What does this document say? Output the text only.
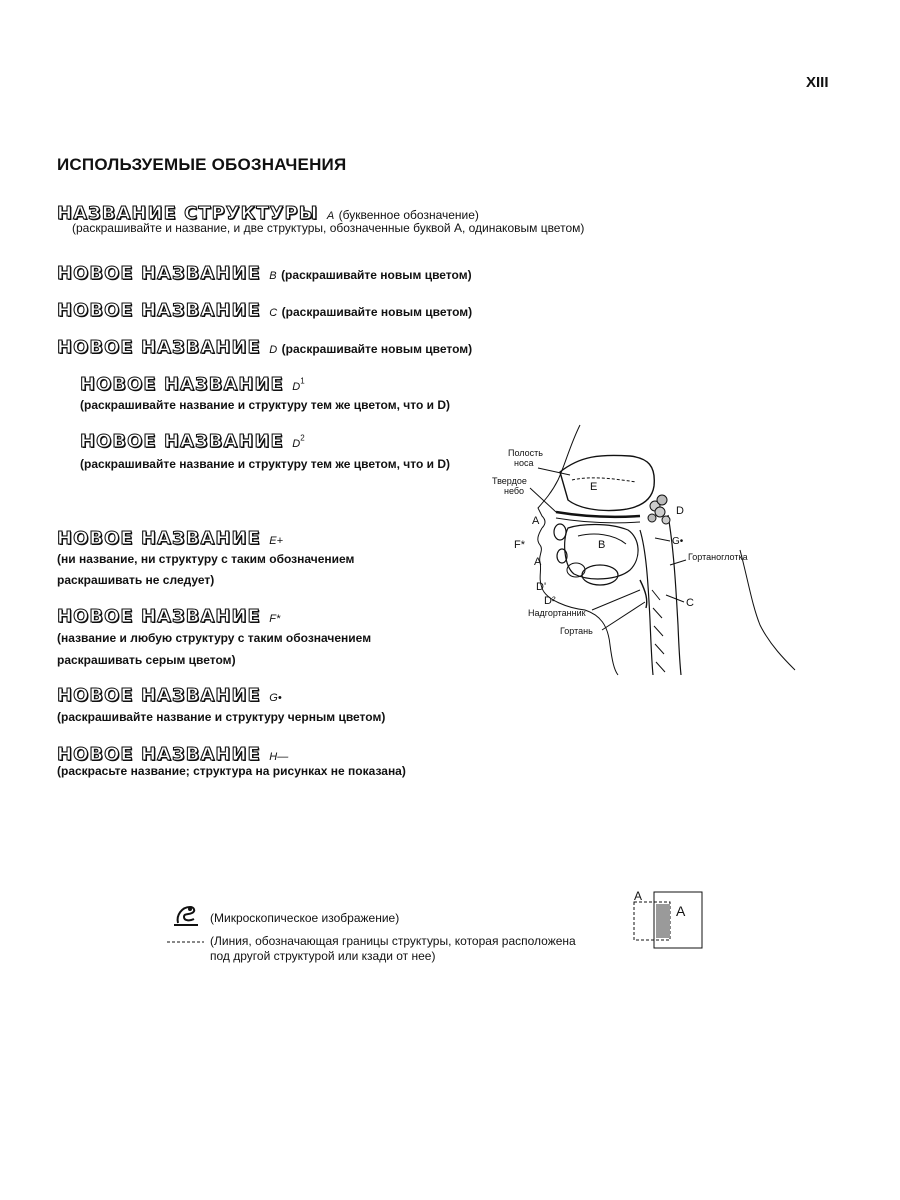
XIII
ИСПОЛЬЗУЕМЫЕ ОБОЗНАЧЕНИЯ
НАЗВАНИЕ СТРУКТУРЫ A (буквенное обозначение)
(раскрашивайте и название, и две структуры, обозначенные буквой А, одинаковым цветом)
НОВОЕ НАЗВАНИЕ B (раскрашивайте новым цветом)
НОВОЕ НАЗВАНИЕ C (раскрашивайте новым цветом)
НОВОЕ НАЗВАНИЕ D (раскрашивайте новым цветом)
НОВОЕ НАЗВАНИЕ $D^1$
(раскрашивайте название и структуру тем же цветом, что и D)
НОВОЕ НАЗВАНИЕ $D^2$
(раскрашивайте название и структуру тем же цветом, что и D)
НОВОЕ НАЗВАНИЕ E+
(ни название, ни структуру с таким обозначением
раскрашивать не следует)
НОВОЕ НАЗВАНИЕ F*
(название и любую структуру с таким обозначением
раскрашивать серым цветом)
НОВОЕ НАЗВАНИЕ G•
(раскрашивайте название и структуру черным цветом)
НОВОЕ НАЗВАНИЕ H—
(раскрасьте название; структура на рисунках не показана)
Полость
носа
Твердое
небо	E
A
F*
A
B
D
G•
D'
D²	C
Надгортанник
Гортань
Гортаноглотка
(Микроскопическое изображение)
(Линия, обозначающая границы структуры, которая расположена
под другой структурой или кзади от нее)
A
A
